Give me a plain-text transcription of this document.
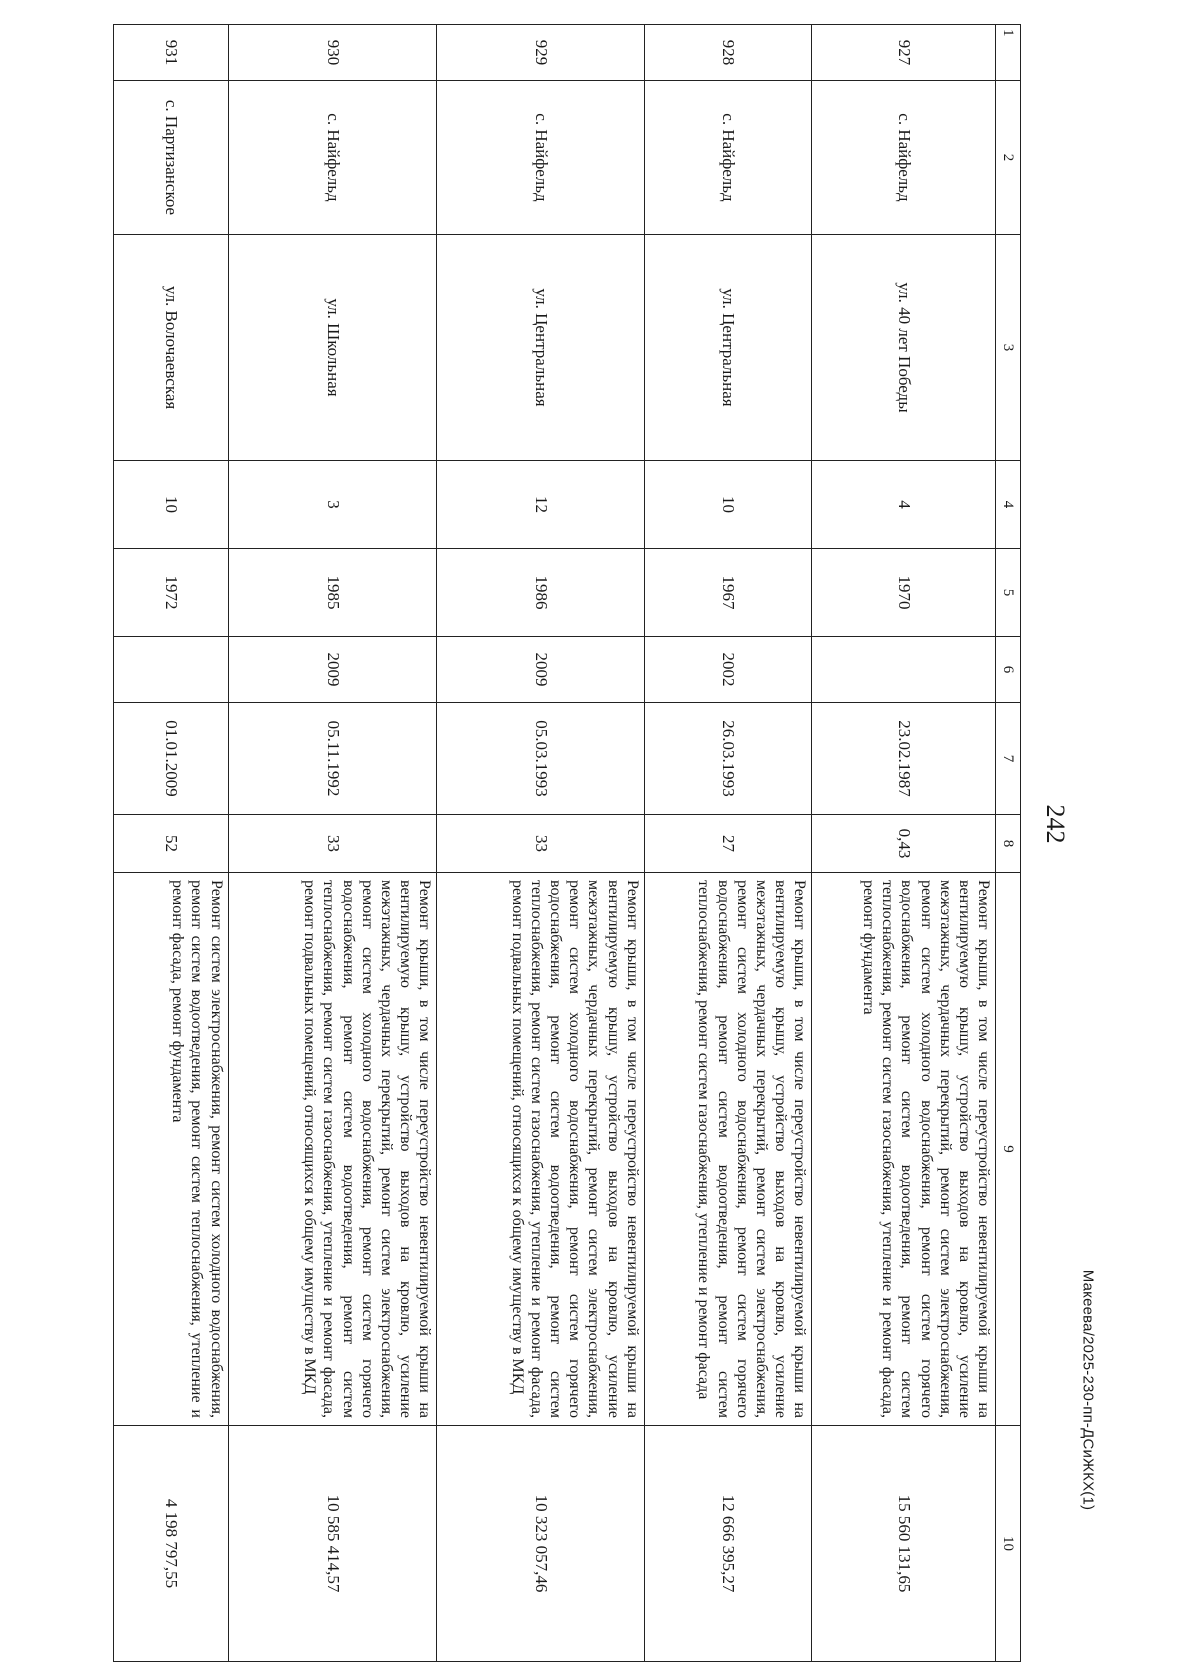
242
Макеева/2025-230-пп-ДСиЖКХ(1)
1	2	3	4	5	6	7	8	9	10
927	с. Найфельд	ул. 40 лет Победы	4	1970		23.02.1987	0,43	Ремонт крыши, в том числе переустройство невентилируемой крыши на вентилируемую крышу, устройство выходов на кровлю, усиление межэтажных, чердачных перекрытий, ремонт систем электроснабжения, ремонт систем холодного водоснабжения, ремонт систем горячего водоснабжения, ремонт систем водоотведения, ремонт систем теплоснабжения, ремонт систем газоснабжения, утепление и ремонт фасада, ремонт фундамента	15 560 131,65
928	с. Найфельд	ул. Центральная	10	1967	2002	26.03.1993	27	Ремонт крыши, в том числе переустройство невентилируемой крыши на вентилируемую крышу, устройство выходов на кровлю, усиление межэтажных, чердачных перекрытий, ремонт систем электроснабжения, ремонт систем холодного водоснабжения, ремонт систем горячего водоснабжения, ремонт систем водоотведения, ремонт систем теплоснабжения, ремонт систем газоснабжения, утепление и ремонт фасада	12 666 395,27
929	с. Найфельд	ул. Центральная	12	1986	2009	05.03.1993	33	Ремонт крыши, в том числе переустройство невентилируемой крыши на вентилируемую крышу, устройство выходов на кровлю, усиление межэтажных, чердачных перекрытий, ремонт систем электроснабжения, ремонт систем холодного водоснабжения, ремонт систем горячего водоснабжения, ремонт систем водоотведения, ремонт систем теплоснабжения, ремонт систем газоснабжения, утепление и ремонт фасада, ремонт подвальных помещений, относящихся к общему имуществу в МКД	10 323 057,46
930	с. Найфельд	ул. Школьная	3	1985	2009	05.11.1992	33	Ремонт крыши, в том числе переустройство невентилируемой крыши на вентилируемую крышу, устройство выходов на кровлю, усиление межэтажных, чердачных перекрытий, ремонт систем электроснабжения, ремонт систем холодного водоснабжения, ремонт систем горячего водоснабжения, ремонт систем водоотведения, ремонт систем теплоснабжения, ремонт систем газоснабжения, утепление и ремонт фасада, ремонт подвальных помещений, относящихся к общему имуществу в МКД	10 585 414,57
931	с. Партизанское	ул. Волочаевская	10	1972		01.01.2009	52	Ремонт систем электроснабжения, ремонт систем холодного водоснабжения, ремонт систем водоотведения, ремонт систем теплоснабжения, утепление и ремонт фасада, ремонт фундамента	4 198 797,55
